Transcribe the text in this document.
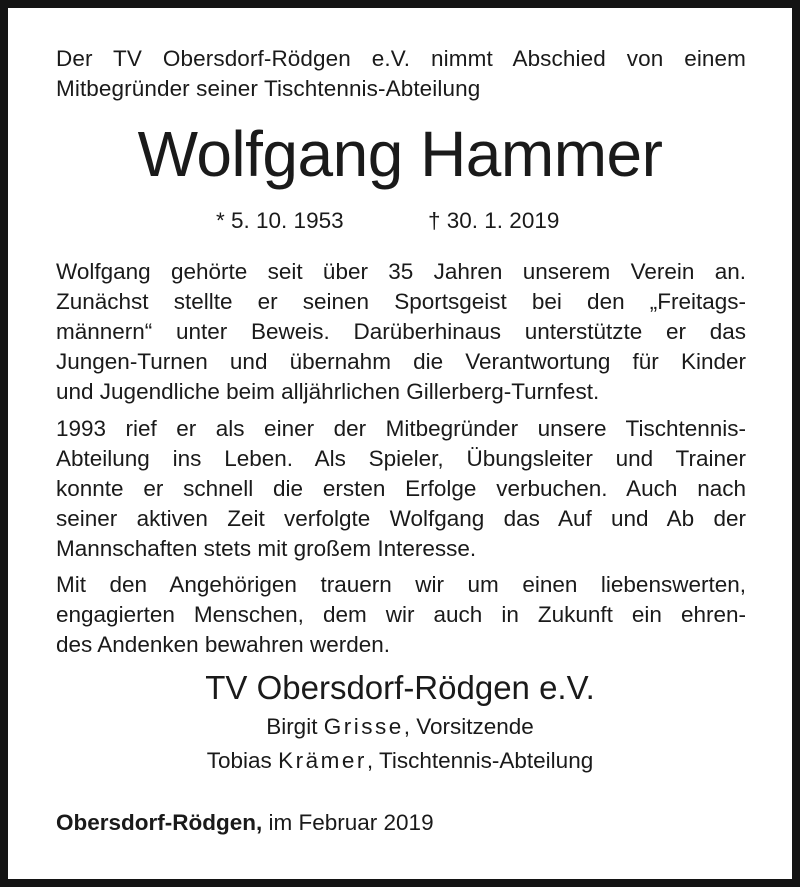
Der TV Obersdorf-Rödgen e.V. nimmt Abschied von einem
Mitbegründer seiner Tischtennis-Abteilung
Wolfgang Hammer
* 5. 10. 1953	† 30. 1. 2019
Wolfgang gehörte seit über 35 Jahren unserem Verein an.
Zunächst stellte er seinen Sportsgeist bei den „Freitags-
männern“ unter Beweis. Darüberhinaus unterstützte er das
Jungen-Turnen und übernahm die Verantwortung für Kinder
und Jugendliche beim alljährlichen Gillerberg-Turnfest.
1993 rief er als einer der Mitbegründer unsere Tischtennis-
Abteilung ins Leben. Als Spieler, Übungsleiter und Trainer
konnte er schnell die ersten Erfolge verbuchen. Auch nach
seiner aktiven Zeit verfolgte Wolfgang das Auf und Ab der
Mannschaften stets mit großem Interesse.
Mit den Angehörigen trauern wir um einen liebenswerten,
engagierten Menschen, dem wir auch in Zukunft ein ehren-
des Andenken bewahren werden.
TV Obersdorf-Rödgen e.V.
Birgit Grisse, Vorsitzende
Tobias Krämer, Tischtennis-Abteilung
Obersdorf-Rödgen, im Februar 2019
